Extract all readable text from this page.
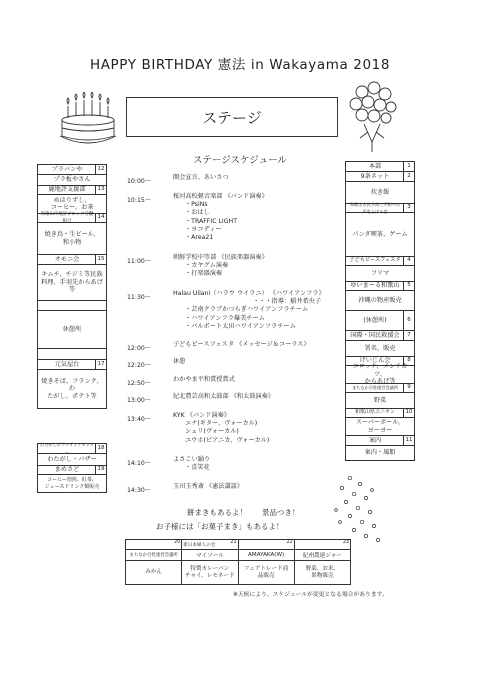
HAPPY BIRTHDAY 憲法 in Wakayama 2018
ステージ
ステージスケジュール
プラバンや	12
プラ板やさん
鹿地評支援部	13
めはりずし、
コーヒー、お茶
和歌山市地評ブロック労働組合
14
焼き鳥・生ビール、
和小物
オモニ会	15
キムチ、チジミ等民族
料理、手羽先からあげ
等
休憩所
元気屋台	17
焼きそば、フランク、わ
たがし、ポテト等
わたがしボランティアセンター
18
わたがし・バザー
まめさど	19
コーヒー焙煎、紅茶、
ジュースドリンク類販売
本部	1
9条ネット	2
炊き飯
和歌山市民共同で平和への声を上げる会
3
パンダ喫茶、ゲーム
子どもピースフェスタ	4
フリマ
ゆいまーる和歌山	5
沖縄の物産販売
(休憩所)	6
国際・国民救援会	7
署名、販売
けいじん会	8
コロッケ、メンチカツ、
からあげ等
まちなか百姓運営会議所	9
野菜
和歌山県ユニオン	10
スーパーボール、
ヨーヨー
案内	11
案内・風船
10:00〜
開会宣言、あいさつ
10:15〜
桜河高校軽音楽部 《バンド演奏》
・PsiNs
・おはし
・TRAFFIC LIGHT
・ヨコディー
・Area21
11:00〜
朝鮮学校中等部 《民族楽器演奏》
・カヤグム演奏
・打楽器演奏
11:30〜
Halau Uilani（ハラウ ウイラニ） 《ハワイアンフラ》
・・・指導：稲井希央子
・芸南クラブかつらぎハワイアンフラチーム
・ハワイアンフラ爆美チーム
・パルポート太田ハワイアンフラチーム
12:00〜
子どもピースフェスタ 《メッセージ＆コーラス》
12:20〜
休憩
12:50〜
わかやま平和賞授賞式
13:00〜
紀北農芸高和太鼓部 《和太鼓演奏》
13:40〜
KYK 《バンド演奏》
エナ(ギター、ヴォーカル)
シュリ(ヴォーカル)
ユウホ(ピアニカ、ヴォーカル)
14:10〜
よさこい踊り
・喜笑花
14:30〜
玉田玉秀斎 《憲法講談》
餅まきもあるよ！ 景品つき！
お子様には「お菓子まき」もあるよ！
20
まちなか百姓運営会議所
みかん
新日本婦人の会	21
マイソール
特製カレーパン
チャイ、レモネード
22
AMAYAKA(W)
フェアトレード商
品販売
23
紀州農連ジャー
野菜、お米、
果物販売
※天候により、スケジュールが変更となる場合があります。
